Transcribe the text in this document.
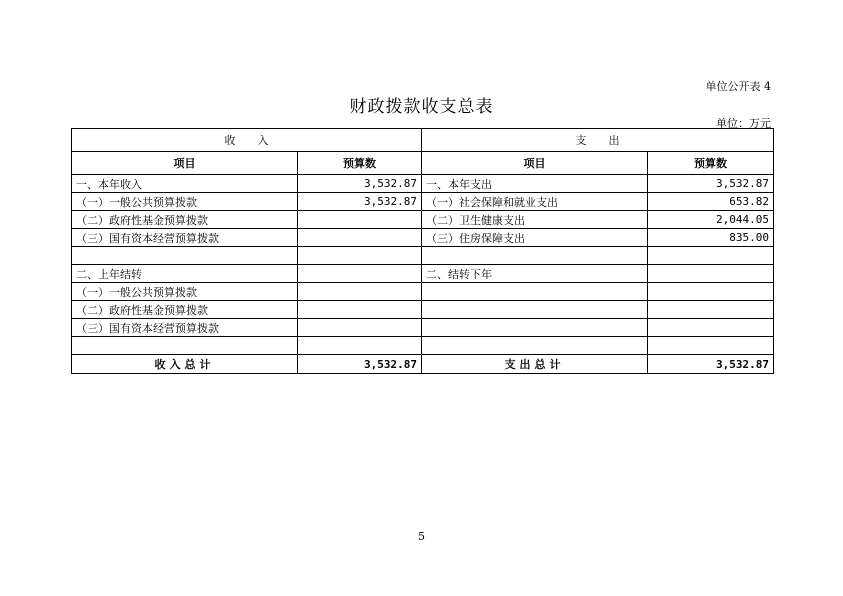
单位公开表 4
财政拨款收支总表
单位：万元
收　　入		支　　出	
项目	预算数	项目	预算数
一、本年收入	3,532.87	一、本年支出	3,532.87
（一）一般公共预算拨款	3,532.87	（一）社会保障和就业支出	653.82
（二）政府性基金预算拨款		（二）卫生健康支出	2,044.05
（三）国有资本经营预算拨款		（三）住房保障支出	835.00

二、上年结转		二、结转下年	
（一）一般公共预算拨款			
（二）政府性基金预算拨款			
（三）国有资本经营预算拨款			

收入总计	3,532.87	支出总计	3,532.87
5
